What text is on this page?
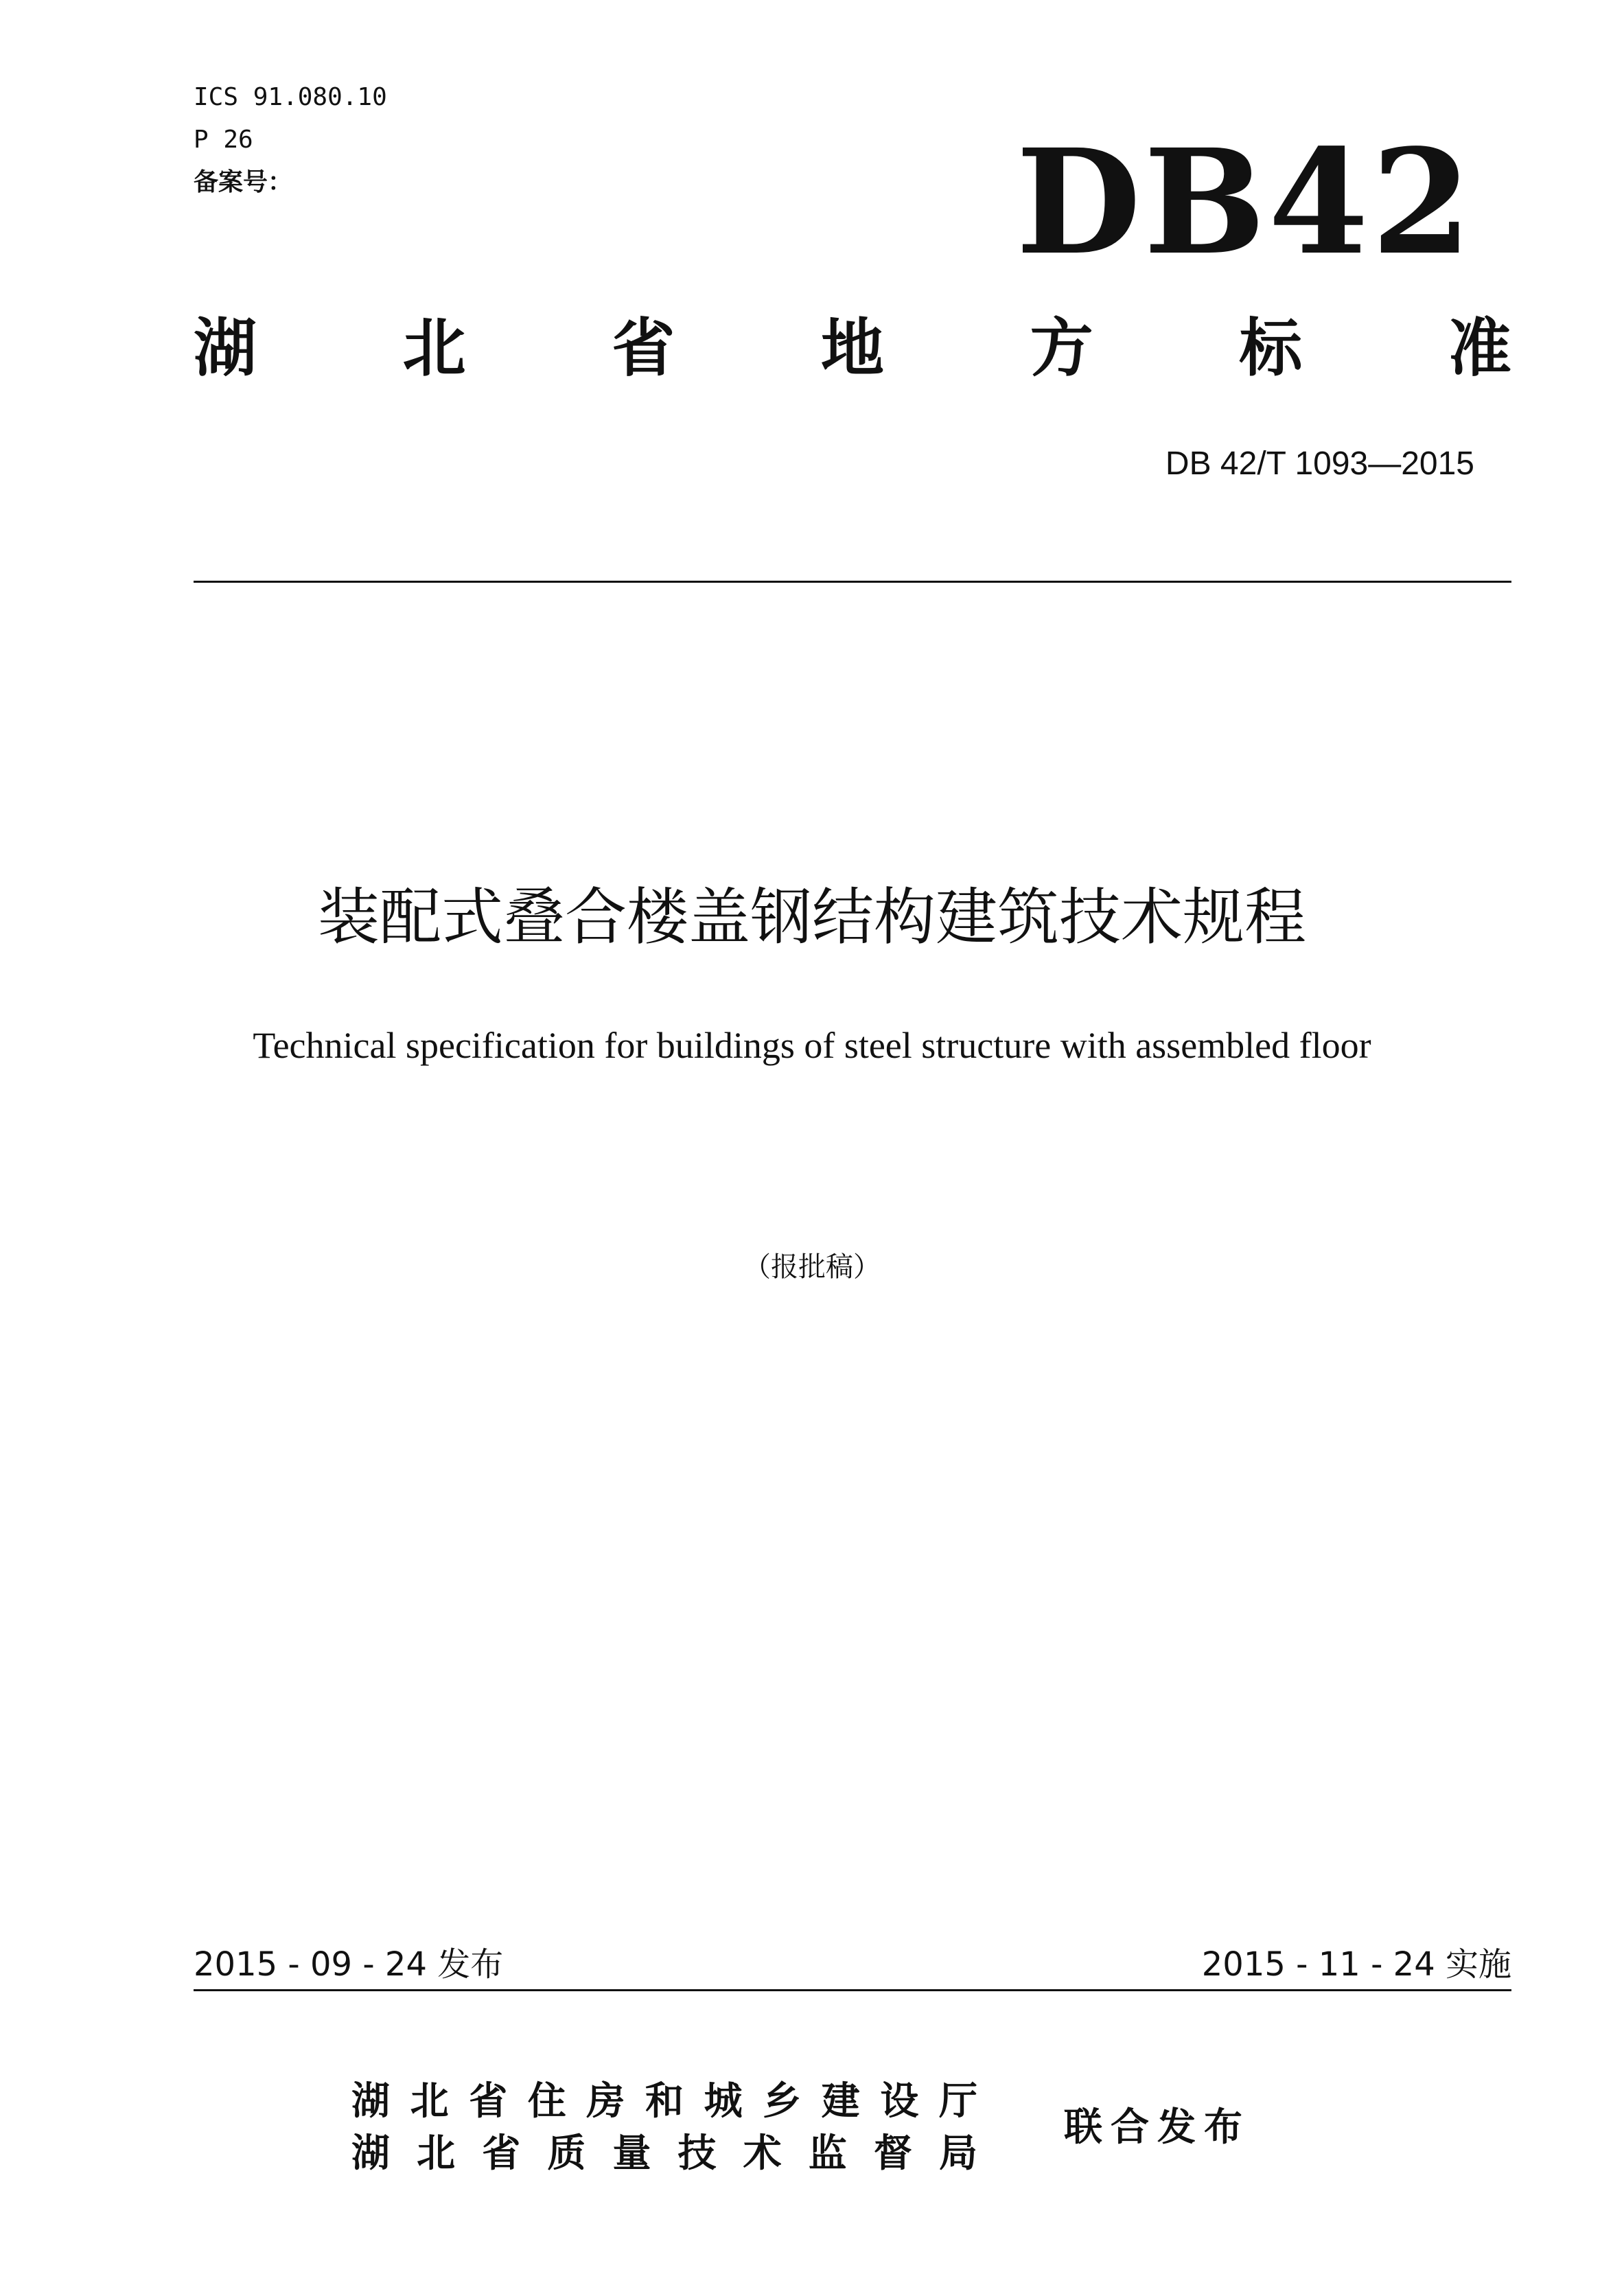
ICS 91.080.10
P 26
备案号：	DB42
湖 北 省 地 方 标 准
DB 42/T 1093—2015
装配式叠合楼盖钢结构建筑技术规程
Technical specification for buildings of steel structure with assembled floor
（报批稿）
2015 - 09 - 24 发布	2015 - 11 - 24 实施
湖 北 省 住 房 和 城 乡 建 设 厅
湖 北 省 质 量 技 术 监 督 局
联合发布
